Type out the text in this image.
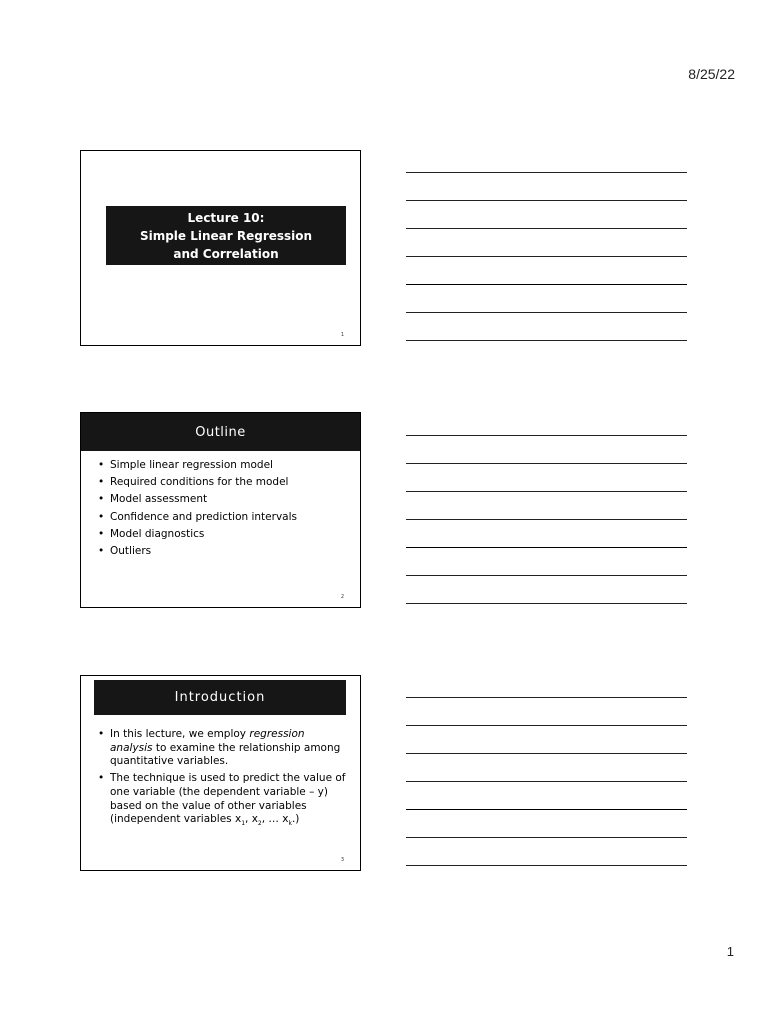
8/25/22
Lecture 10:
Simple Linear Regression
and Correlation
1
Outline
• Simple linear regression model
• Required conditions for the model
• Model assessment
• Confidence and prediction intervals
• Model diagnostics
• Outliers
2
Introduction
• In this lecture, we employ regression analysis to examine the relationship among quantitative variables.
• The technique is used to predict the value of one variable (the dependent variable – y) based on the value of other variables (independent variables $x_1$, $x_2$, … $x_k$.)
3
1
